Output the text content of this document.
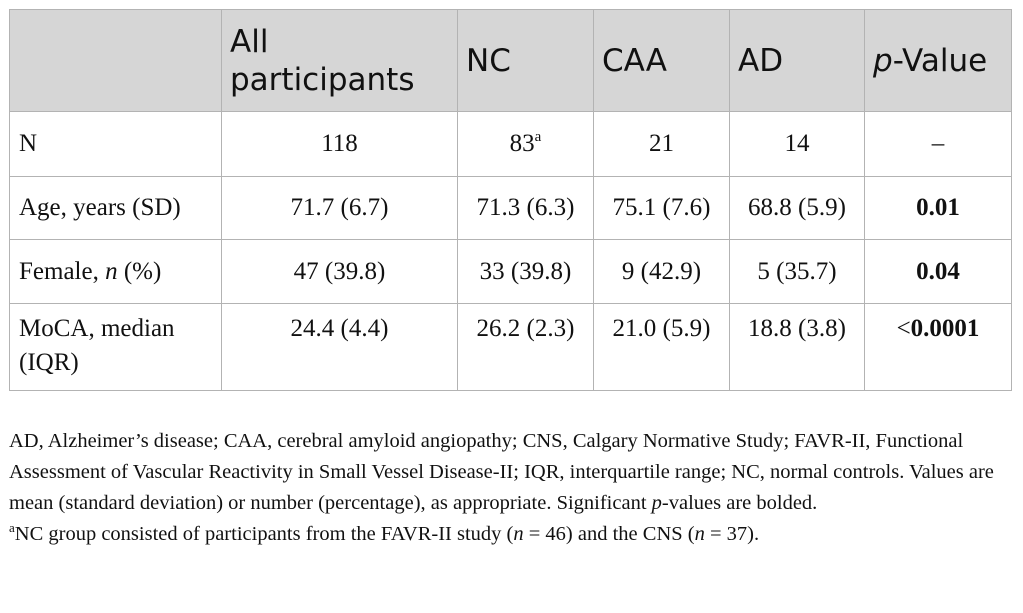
	All participants	NC	CAA	AD	p-Value
N	118	83$^a$	21	14	–
Age, years (SD)	71.7 (6.7)	71.3 (6.3)	75.1 (7.6)	68.8 (5.9)	0.01
Female, n (%)	47 (39.8)	33 (39.8)	9 (42.9)	5 (35.7)	0.04
MoCA, median (IQR)	24.4 (4.4)	26.2 (2.3)	21.0 (5.9)	18.8 (3.8)	<0.0001

AD, Alzheimer’s disease; CAA, cerebral amyloid angiopathy; CNS, Calgary Normative Study; FAVR-II, Functional Assessment of Vascular Reactivity in Small Vessel Disease-II; IQR, interquartile range; NC, normal controls. Values are mean (standard deviation) or number (percentage), as appropriate. Significant p-values are bolded.

$^a$NC group consisted of participants from the FAVR-II study (n = 46) and the CNS (n = 37).
